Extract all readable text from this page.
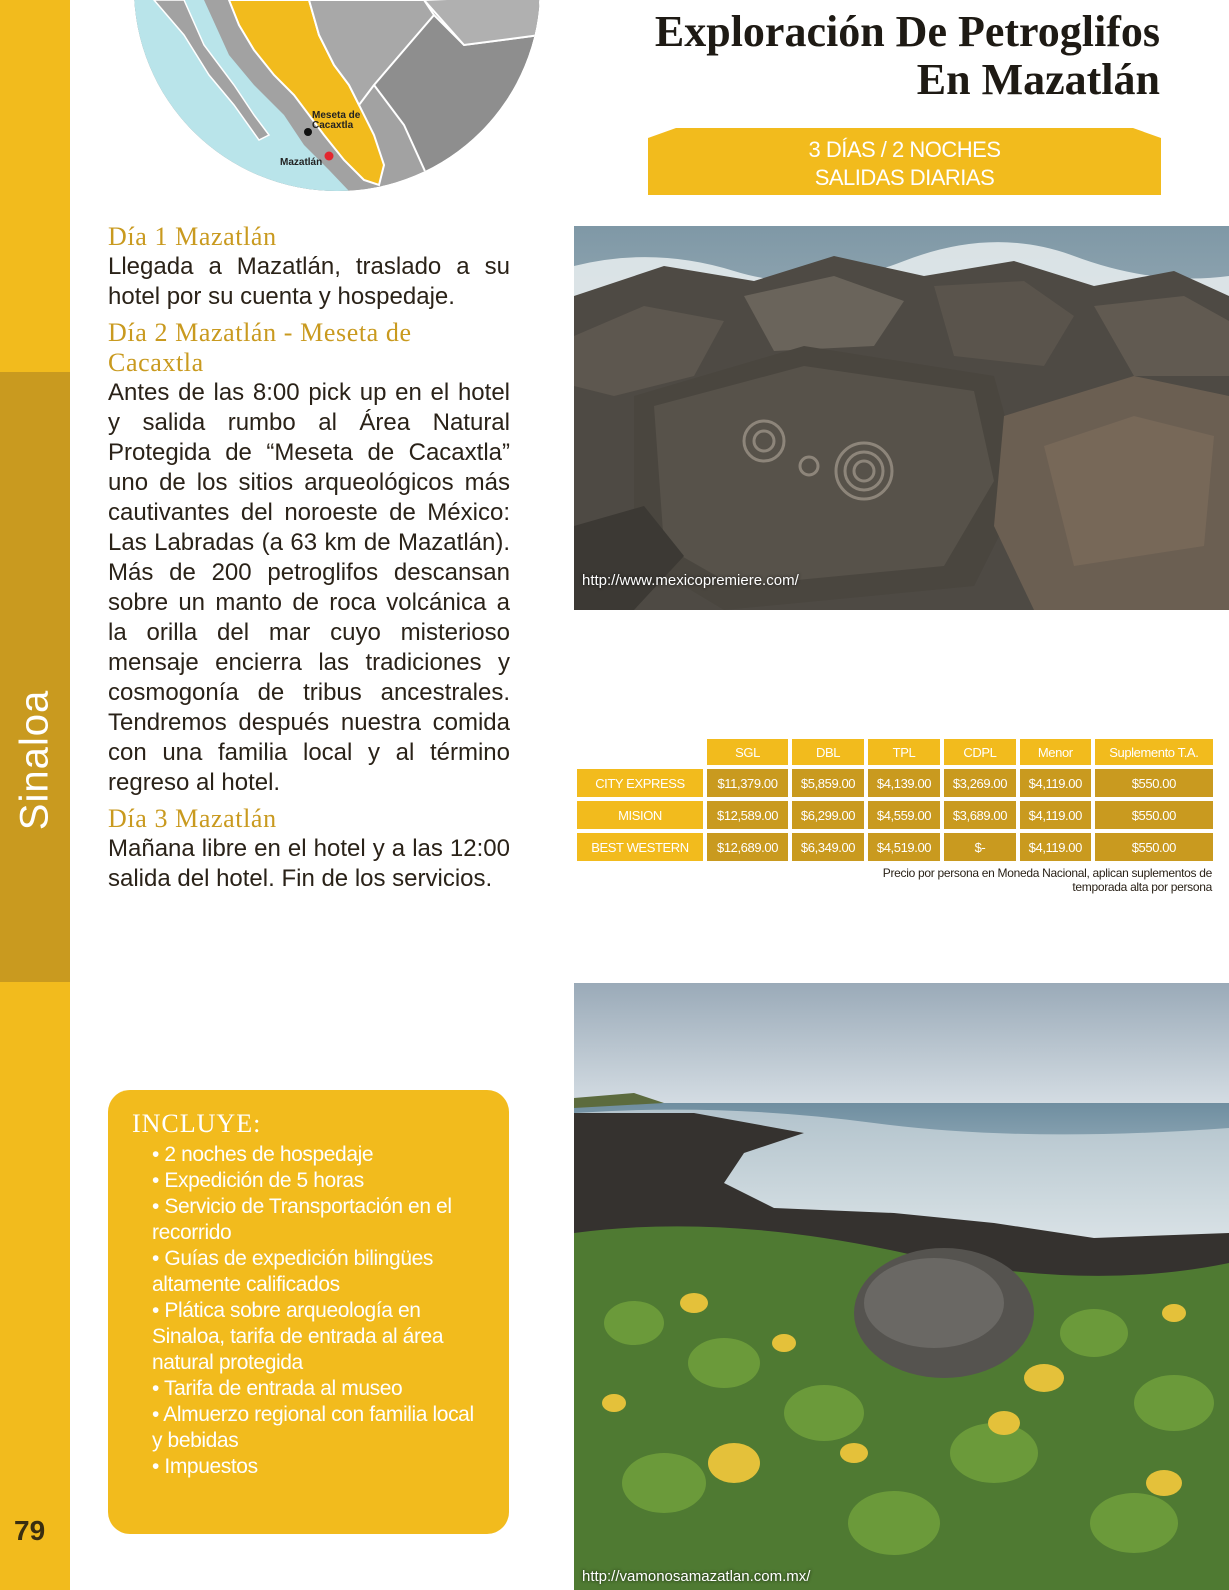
Sinaloa
79
Meseta de Cacaxtla
Mazatlán
Exploración De Petroglifos
En Mazatlán
3 DÍAS / 2 NOCHES
SALIDAS DIARIAS
Día 1 Mazatlán
Llegada a Mazatlán, traslado a su hotel por su cuenta y hospedaje.
Día 2 Mazatlán - Meseta de Cacaxtla
Antes de las 8:00 pick up en el hotel y salida rumbo al Área Natural Protegida de “Meseta de Cacaxtla” uno de los sitios arqueológicos más cautivantes del noroeste de México: Las Labradas (a 63 km de Mazatlán). Más de 200 petroglifos descansan sobre un manto de roca volcánica a la orilla del mar cuyo misterioso mensaje encierra las tradiciones y cosmogonía de tribus ancestrales. Tendremos después nuestra comida con una familia local y al término regreso al hotel.
Día 3 Mazatlán
Mañana libre en el hotel y a las 12:00 salida del hotel. Fin de los servicios.
http://www.mexicopremiere.com/
	SGL	DBL	TPL	CDPL	Menor	Suplemento T.A.
CITY EXPRESS	$11,379.00	$5,859.00	$4,139.00	$3,269.00	$4,119.00	$550.00
MISION	$12,589.00	$6,299.00	$4,559.00	$3,689.00	$4,119.00	$550.00
BEST WESTERN	$12,689.00	$6,349.00	$4,519.00	$-	$4,119.00	$550.00
Precio por persona en Moneda Nacional, aplican suplementos de
temporada alta por persona
INCLUYE:
• 2 noches de hospedaje
• Expedición de 5 horas
• Servicio de Transportación en el recorrido
• Guías de expedición bilingües altamente calificados
• Plática sobre arqueología en Sinaloa, tarifa de entrada al área natural protegida
• Tarifa de entrada al museo
• Almuerzo regional con familia local y bebidas
• Impuestos
http://vamonosamazatlan.com.mx/
